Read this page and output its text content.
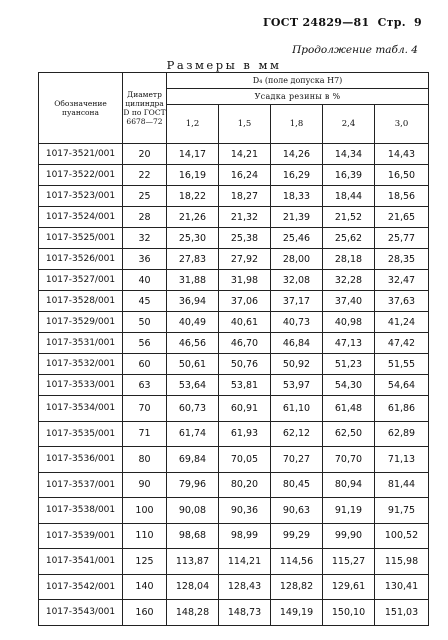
ГОСТ 24829—81 Стр. 9
Продолжение табл. 4
Размеры в мм
Обозначение пуансона	Диаметр цилиндра D по ГОСТ 6678—72	D₄ (поле допуска H7)				
		Усадка резины в %				
		1,2	1,5	1,8	2,4	3,0
1017-3521/001	20	14,17	14,21	14,26	14,34	14,43
1017-3522/001	22	16,19	16,24	16,29	16,39	16,50
1017-3523/001	25	18,22	18,27	18,33	18,44	18,56
1017-3524/001	28	21,26	21,32	21,39	21,52	21,65
1017-3525/001	32	25,30	25,38	25,46	25,62	25,77
1017-3526/001	36	27,83	27,92	28,00	28,18	28,35
1017-3527/001	40	31,88	31,98	32,08	32,28	32,47
1017-3528/001	45	36,94	37,06	37,17	37,40	37,63
1017-3529/001	50	40,49	40,61	40,73	40,98	41,24
1017-3531/001	56	46,56	46,70	46,84	47,13	47,42
1017-3532/001	60	50,61	50,76	50,92	51,23	51,55
1017-3533/001	63	53,64	53,81	53,97	54,30	54,64
1017-3534/001	70	60,73	60,91	61,10	61,48	61,86
1017-3535/001	71	61,74	61,93	62,12	62,50	62,89
1017-3536/001	80	69,84	70,05	70,27	70,70	71,13
1017-3537/001	90	79,96	80,20	80,45	80,94	81,44
1017-3538/001	100	90,08	90,36	90,63	91,19	91,75
1017-3539/001	110	98,68	98,99	99,29	99,90	100,52
1017-3541/001	125	113,87	114,21	114,56	115,27	115,98
1017-3542/001	140	128,04	128,43	128,82	129,61	130,41
1017-3543/001	160	148,28	148,73	149,19	150,10	151,03
